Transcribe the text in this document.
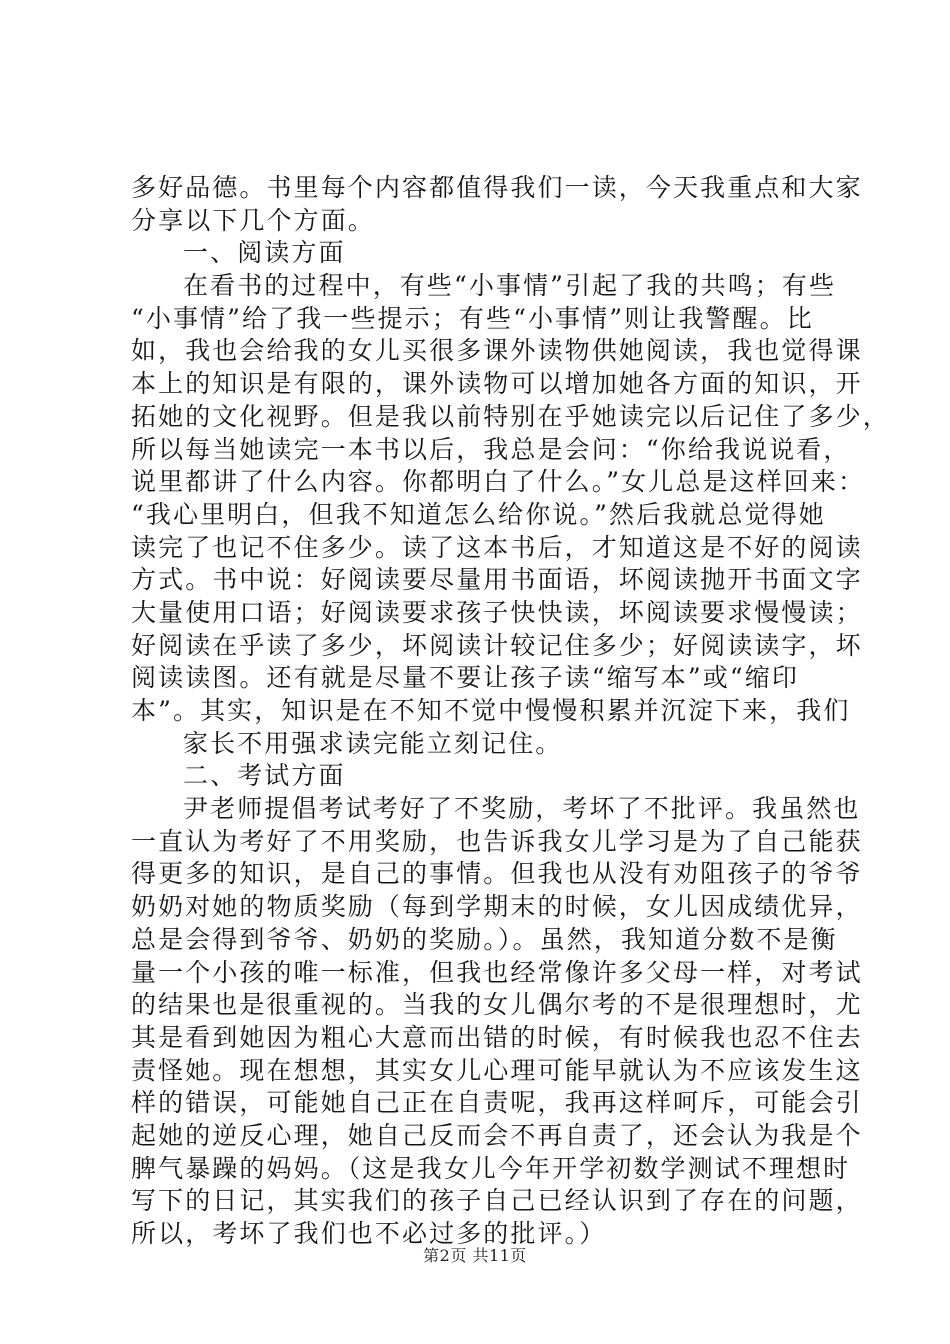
多好品德。书里每个内容都值得我们一读，今天我重点和大家
分享以下几个方面。
一、阅读方面
在看书的过程中，有些“小事情”引起了我的共鸣；有些
“小事情”给了我一些提示；有些“小事情”则让我警醒。比
如，我也会给我的女儿买很多课外读物供她阅读，我也觉得课
本上的知识是有限的，课外读物可以增加她各方面的知识，开
拓她的文化视野。但是我以前特别在乎她读完以后记住了多少，
所以每当她读完一本书以后，我总是会问：“你给我说说看，
说里都讲了什么内容。你都明白了什么。”女儿总是这样回来：
“我心里明白，但我不知道怎么给你说。”然后我就总觉得她
读完了也记不住多少。读了这本书后，才知道这是不好的阅读
方式。书中说：好阅读要尽量用书面语，坏阅读抛开书面文字
大量使用口语；好阅读要求孩子快快读，坏阅读要求慢慢读；
好阅读在乎读了多少，坏阅读计较记住多少；好阅读读字，坏
阅读读图。还有就是尽量不要让孩子读“缩写本”或“缩印
本”。其实，知识是在不知不觉中慢慢积累并沉淀下来，我们
家长不用强求读完能立刻记住。
二、考试方面
尹老师提倡考试考好了不奖励，考坏了不批评。我虽然也
一直认为考好了不用奖励，也告诉我女儿学习是为了自己能获
得更多的知识，是自己的事情。但我也从没有劝阻孩子的爷爷
奶奶对她的物质奖励（每到学期末的时候，女儿因成绩优异，
总是会得到爷爷、奶奶的奖励。）。虽然，我知道分数不是衡
量一个小孩的唯一标准，但我也经常像许多父母一样，对考试
的结果也是很重视的。当我的女儿偶尔考的不是很理想时，尤
其是看到她因为粗心大意而出错的时候，有时候我也忍不住去
责怪她。现在想想，其实女儿心理可能早就认为不应该发生这
样的错误，可能她自己正在自责呢，我再这样呵斥，可能会引
起她的逆反心理，她自己反而会不再自责了，还会认为我是个
脾气暴躁的妈妈。（这是我女儿今年开学初数学测试不理想时
写下的日记，其实我们的孩子自己已经认识到了存在的问题，
所以，考坏了我们也不必过多的批评。）
第2页 共11页
